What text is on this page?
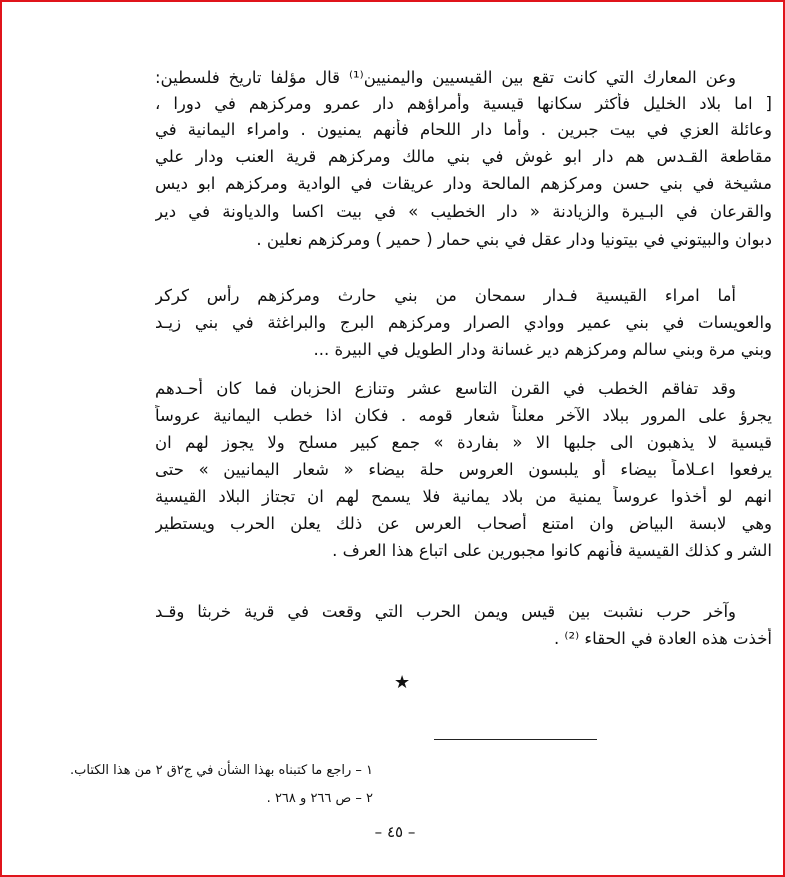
وعن المعارك التي كانت تقع بين القيسيين واليمنيين⁽¹⁾ قال مؤلفا تاريخ فلسطين:
[ اما بلاد الخليل فأكثر سكانها قيسية وأمراؤهم دار عمرو ومركزهم في دورا ،
وعائلة العزي في بيت جبرين . وأما دار اللحام فأنهم يمنيون . وامراء اليمانية في
مقاطعة القـدس هم دار ابو غوش في بني مالك ومركزهم قرية العنب ودار علي
مشيخة في بني حسن ومركزهم المالحة ودار عريقات في الوادية ومركزهم ابو ديس
والقرعان في البـيرة والزيادنة « دار الخطيب » في بيت اكسا والدياونة في دير
دبوان والبيتوني في بيتونيا ودار عقل في بني حمار ( حمير ) ومركزهم نعلين .
أما امراء القيسية فـدار سمحان من بني حارث ومركزهم رأس كركر
والعويسات في بني عمير ووادي الصرار ومركزهم البرج والبراغثة في بني زيـد
وبني مرة وبني سالم ومركزهم دير غسانة ودار الطويل في البيرة ...
وقد تفاقم الخطب في القرن التاسع عشر وتنازع الحزبان فما كان أحـدهم
يجرؤ على المرور ببلاد الآخر معلناً شعار قومه . فكان اذا خطب اليمانية عروساً
قيسية لا يذهبون الى جلبها الا « بفاردة » جمع كبير مسلح ولا يجوز لهم ان
يرفعوا اعـلاماً بيضاء أو يلبسون العروس حلة بيضاء « شعار اليمانيين » حتى
انهم لو أخذوا عروساً يمنية من بلاد يمانية فلا يسمح لهم ان تجتاز البلاد القيسية
وهي لابسة البياض وان امتنع أصحاب العرس عن ذلك يعلن الحرب ويستطير
الشر و كذلك القيسية فأنهم كانوا مجبورين على اتباع هذا العرف .
وآخر حرب نشبت بين قيس ويمن الحرب التي وقعت في قرية خربثا وقـد
أخذت هذه العادة في الحقاء ⁽²⁾ .
★
١ – راجع ما كتبناه بهذا الشأن في ج٢ق ٢ من هذا الكتاب.
٢ – ص ٢٦٦ و ٢٦٨ .
– ٤٥ –
